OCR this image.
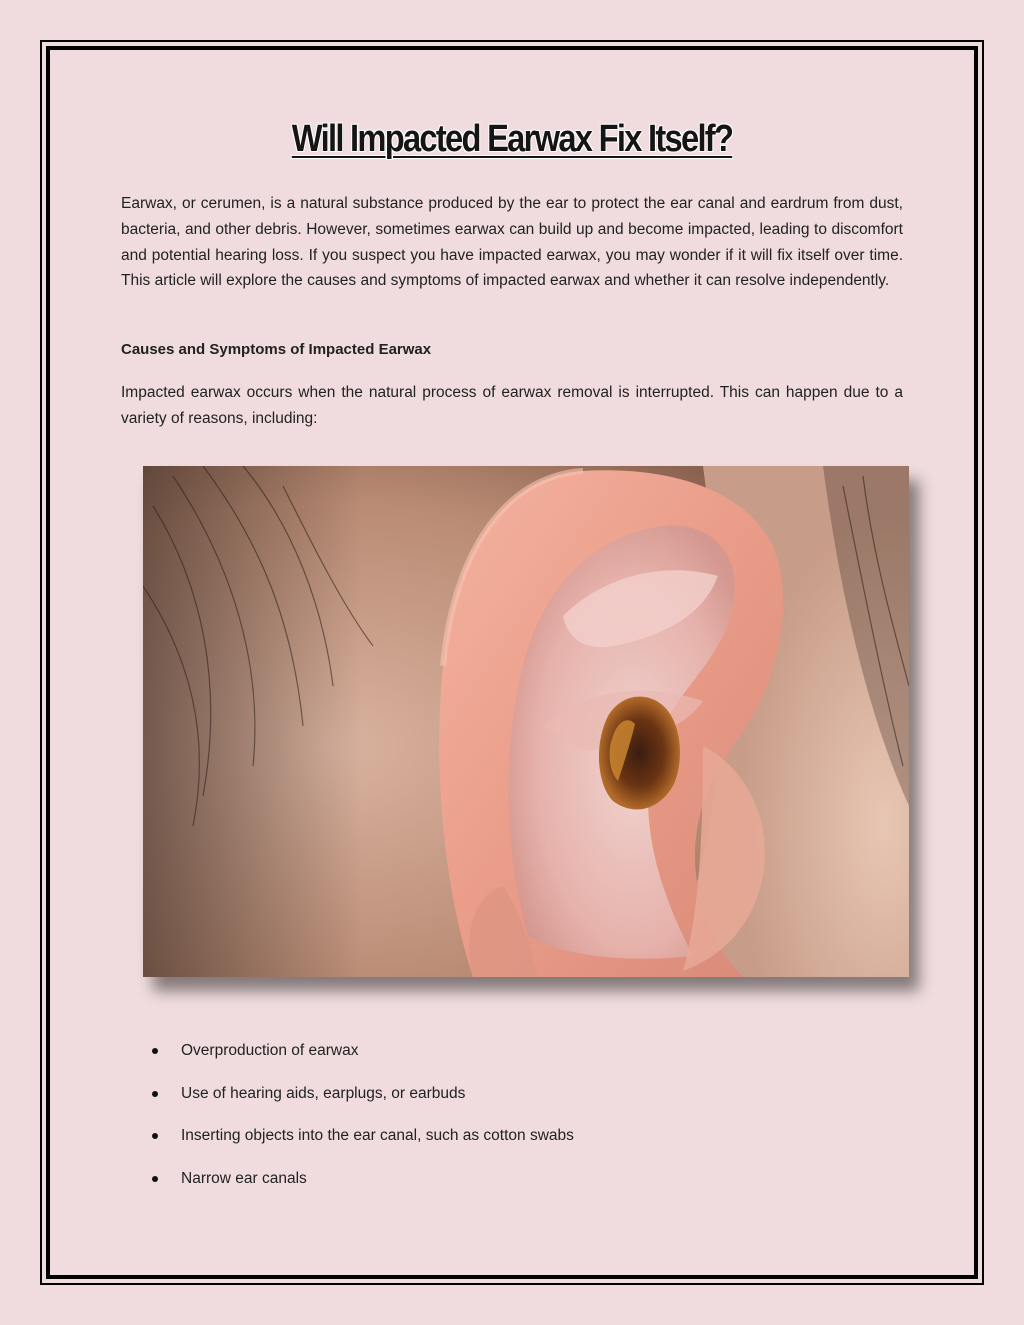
Will Impacted Earwax Fix Itself?

Earwax, or cerumen, is a natural substance produced by the ear to protect the ear canal and eardrum from dust, bacteria, and other debris. However, sometimes earwax can build up and become impacted, leading to discomfort and potential hearing loss. If you suspect you have impacted earwax, you may wonder if it will fix itself over time. This article will explore the causes and symptoms of impacted earwax and whether it can resolve independently.

Causes and Symptoms of Impacted Earwax

Impacted earwax occurs when the natural process of earwax removal is interrupted. This can happen due to a variety of reasons, including:

Overproduction of earwax
Use of hearing aids, earplugs, or earbuds
Inserting objects into the ear canal, such as cotton swabs
Narrow ear canals
